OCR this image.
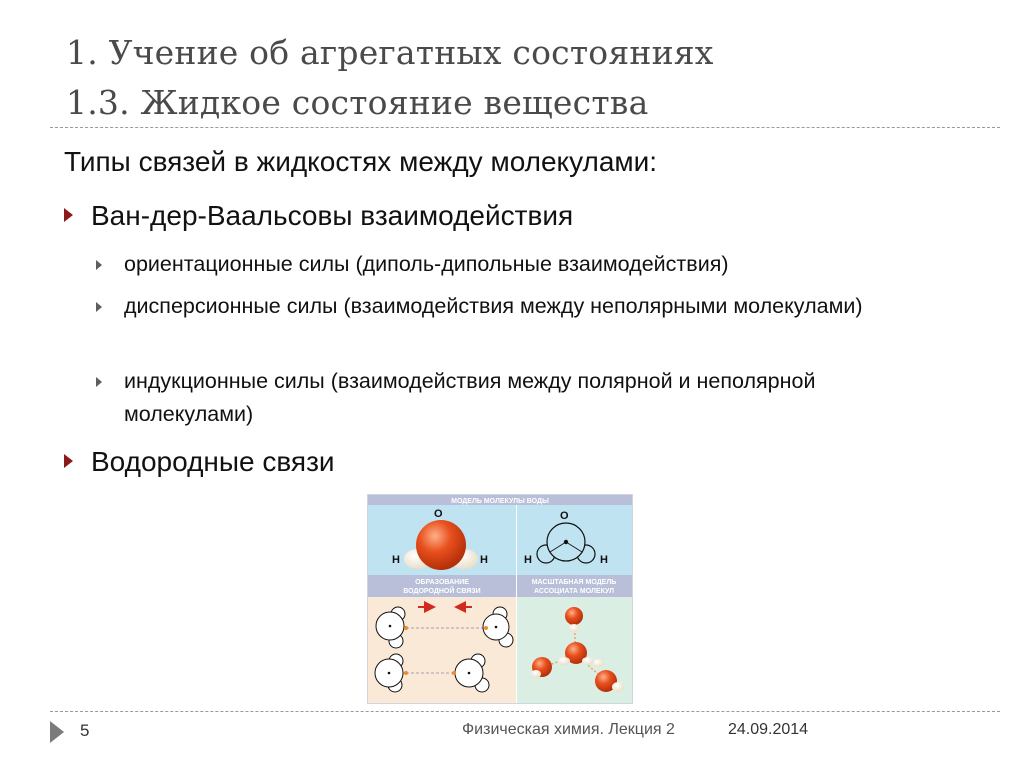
1. Учение об агрегатных состояниях
1.3. Жидкое состояние вещества
Типы связей в жидкостях между молекулами:
Ван-дер-Ваальсовы взаимодействия
ориентационные силы (диполь-дипольные взаимодействия)
дисперсионные силы (взаимодействия между неполярными молекулами)
индукционные силы (взаимодействия между полярной и неполярной молекулами)
Водородные связи
МОДЕЛЬ МОЛЕКУЛЫ ВОДЫ
ОБРАЗОВАНИЕ
ВОДОРОДНОЙ СВЯЗИ
МАСШТАБНАЯ МОДЕЛЬ
АССОЦИАТА МОЛЕКУЛ
O
H	H
O
H	H
5	Физическая химия. Лекция 2	24.09.2014
